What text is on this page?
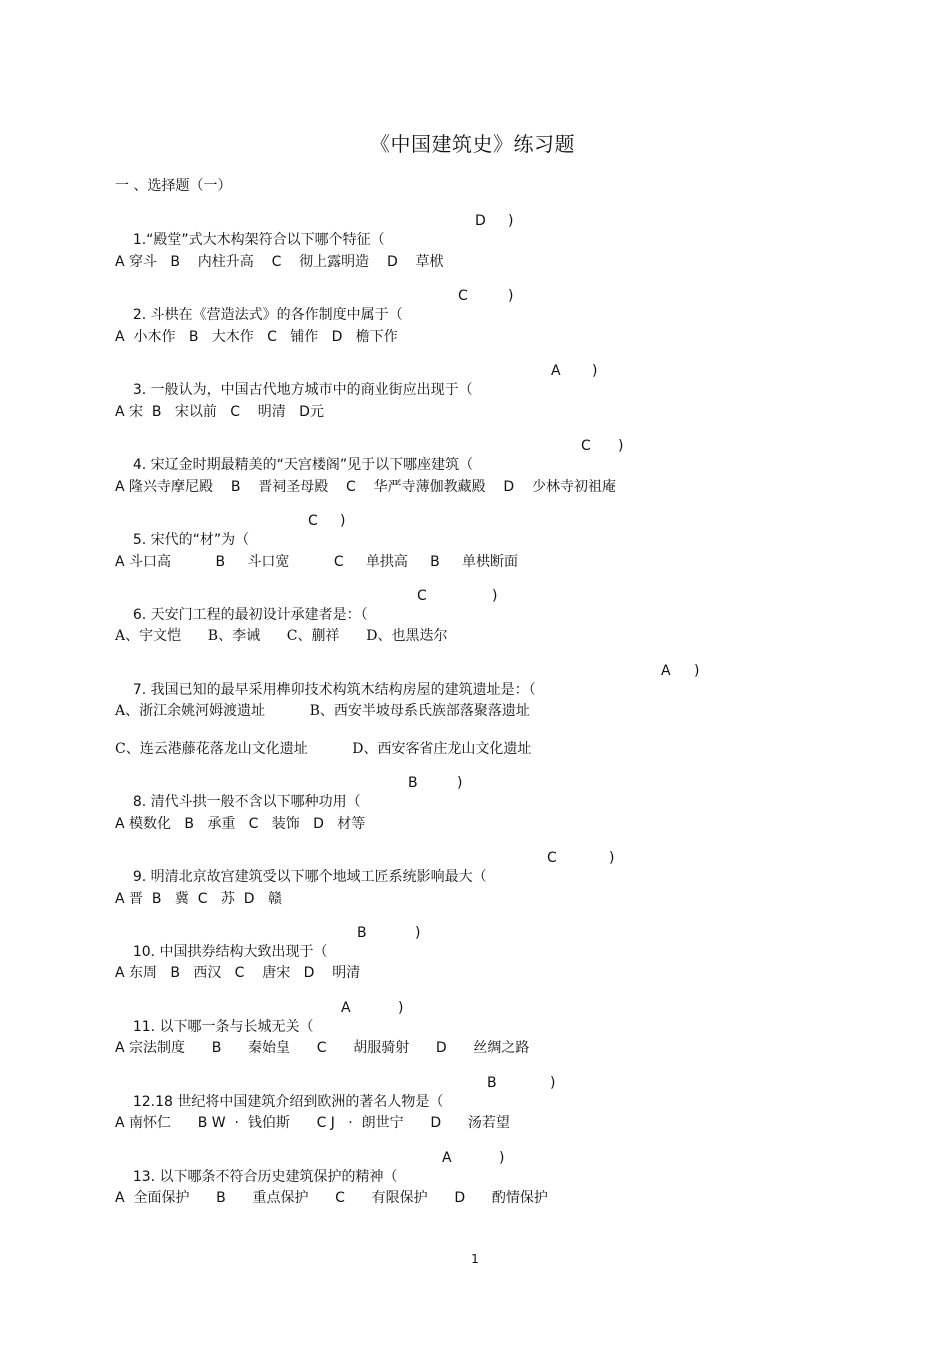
《中国建筑史》练习题
一 、选择题（一）

1.“殿堂”式大木构架符合以下哪个特征（

D

)

A 穿斗   B    内柱升高    C    彻上露明造    D    草栿

2. 斗栱在《营造法式》的各作制度中属于（

C

	)

A  小木作   B   大木作   C   铺作   D   檐下作

3. 一般认为，中国古代地方城市中的商业街应出现于（

A

)

A 宋  B   宋以前   C    明清   D元

4. 宋辽金时期最精美的“天宫楼阁”见于以下哪座建筑（

C

)

A 隆兴寺摩尼殿    B    晋祠圣母殿    C    华严寺薄伽教藏殿    D    少林寺初祖庵

5. 宋代的“材”为（

C

)

A 斗口高          B     斗口宽          C     单拱高     B     单栱断面

6. 天安门工程的最初设计承建者是：（

C

	)

A、宇文恺      B、李诫      C、蒯祥      D、也黑迭尔

7. 我国已知的最早采用榫卯技术构筑木结构房屋的建筑遗址是：（

A

)

A、浙江余姚河姆渡遗址          B、西安半坡母系氏族部落聚落遗址
C、连云港藤花落龙山文化遗址          D、西安客省庄龙山文化遗址

8. 清代斗拱一般不含以下哪种功用（

B

	)

A 模数化   B   承重   C   装饰   D   材等

9. 明清北京故宫建筑受以下哪个地域工匠系统影响最大（

C

	)

A 晋  B   冀  C   苏  D   赣

10. 中国拱券结构大致出现于（

B

	)

A 东周   B   西汉   C    唐宋   D    明清

11. 以下哪一条与长城无关（

A

	)

A 宗法制度      B      秦始皇      C      胡服骑射      D      丝绸之路

12.18 世纪将中国建筑介绍到欧洲的著名人物是（

B

	)

A 南怀仁      B W  ·  钱伯斯      C J   ·  朗世宁      D      汤若望

13. 以下哪条不符合历史建筑保护的精神（

A

	)

A  全面保护      B      重点保护      C      有限保护      D      酌情保护
1
